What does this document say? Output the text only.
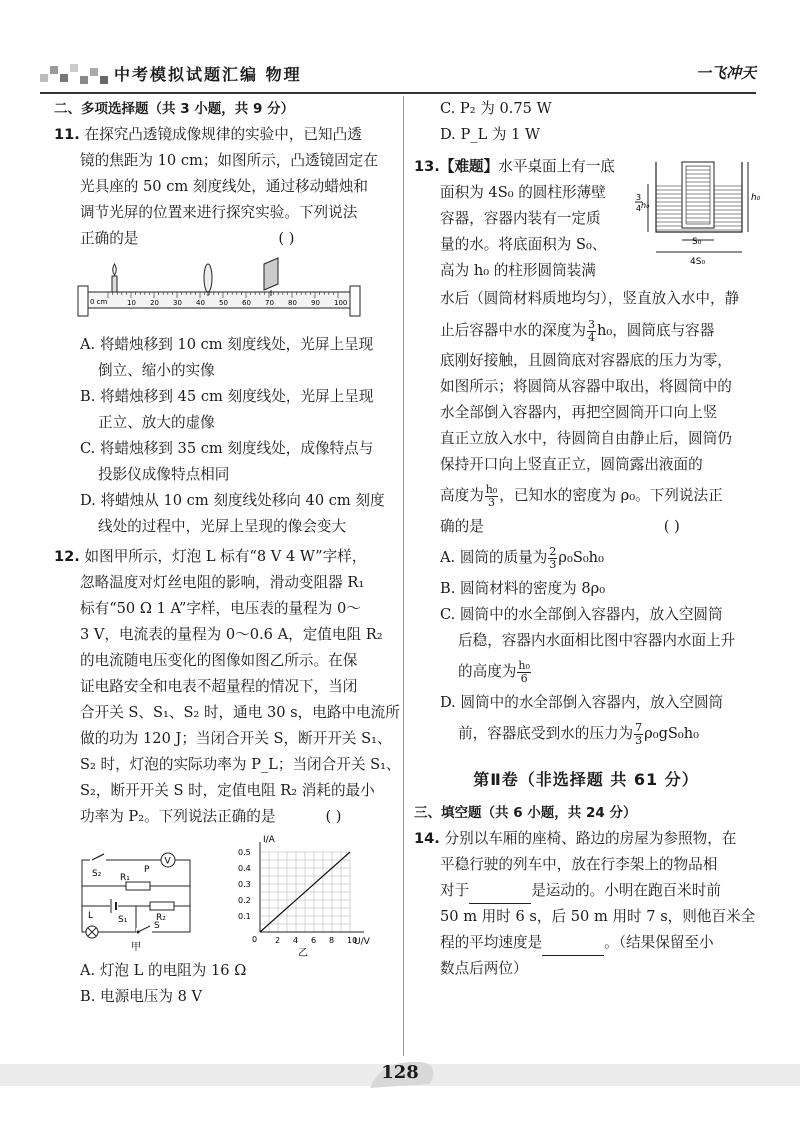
中考模拟试题汇编 物理	一飞冲天
二、多项选择题（共 3 小题，共 9 分）
11. 在探究凸透镜成像规律的实验中，已知凸透
镜的焦距为 10 cm；如图所示，凸透镜固定在
光具座的 50 cm 刻度线处，通过移动蜡烛和
调节光屏的位置来进行探究实验。下列说法
正确的是	( )
0 cm	10 20 30 40 50 60 70 80 90 100
A. 将蜡烛移到 10 cm 刻度线处，光屏上呈现
倒立、缩小的实像
B. 将蜡烛移到 45 cm 刻度线处，光屏上呈现
正立、放大的虚像
C. 将蜡烛移到 35 cm 刻度线处，成像特点与
投影仪成像特点相同
D. 将蜡烛从 10 cm 刻度线处移向 40 cm 刻度
线处的过程中，光屏上呈现的像会变大
12. 如图甲所示，灯泡 L 标有“8 V 4 W”字样，
忽略温度对灯丝电阻的影响，滑动变阻器 R₁
标有“50 Ω 1 A”字样，电压表的量程为 0～
3 V，电流表的量程为 0～0.6 A，定值电阻 R₂
的电流随电压变化的图像如图乙所示。在保
证电路安全和电表不超量程的情况下，当闭
合开关 S、S₁、S₂ 时，通电 30 s，电路中电流所
做的功为 120 J；当闭合开关 S，断开开关 S₁、
S₂ 时，灯泡的实际功率为 P_L；当闭合开关 S₁、
S₂，断开开关 S 时，定值电阻 R₂ 消耗的最小
功率为 P₂。下列说法正确的是	( )
S₂ R₁
P
V
R₂
L	S₁
S
甲
I/A
U/V
0 2 4 6 8 10
0.1
0.2
0.3
0.4
0.5
乙
A. 灯泡 L 的电阻为 16 Ω
B. 电源电压为 8 V
C. P₂ 为 0.75 W
D. P_L 为 1 W
h₀
3
4 h₀
S₀
4S₀
13.【难题】水平桌面上有一底
面积为 4S₀ 的圆柱形薄壁
容器，容器内装有一定质
量的水。将底面积为 S₀、
高为 h₀ 的柱形圆筒装满
水后（圆筒材料质地均匀），竖直放入水中，静
止后容器中水的深度为 $\frac{3}{4} h_0$，圆筒底与容器
底刚好接触，且圆筒底对容器底的压力为零，
如图所示；将圆筒从容器中取出，将圆筒中的
水全部倒入容器内，再把空圆筒开口向上竖
直正立放入水中，待圆筒自由静止后，圆筒仍
保持开口向上竖直正立，圆筒露出液面的
高度为 $\frac{\text{h₀}}{3}$ ，已知水的密度为 ρ₀。下列说法正
确的是	( )
A. 圆筒的质量为 $\frac{2}{3} \rho_0S_0h_0$
B. 圆筒材料的密度为 8ρ₀
C. 圆筒中的水全部倒入容器内，放入空圆筒
后稳，容器内水面相比图中容器内水面上升
的高度为 $\frac{\text{h₀}}{6}$
D. 圆筒中的水全部倒入容器内，放入空圆筒
前，容器底受到水的压力为 $\frac{7}{3} \rho_0gS_0h_0$
第Ⅱ卷（非选择题 共 61 分）
三、填空题（共 6 小题，共 24 分）
14. 分别以车厢的座椅、路边的房屋为参照物，在
平稳行驶的列车中，放在行李架上的物品相
对于	是运动的。小明在跑百米时前
50 m 用时 6 s，后 50 m 用时 7 s，则他百米全
程的平均速度是	。（结果保留至小
数点后两位）
128
